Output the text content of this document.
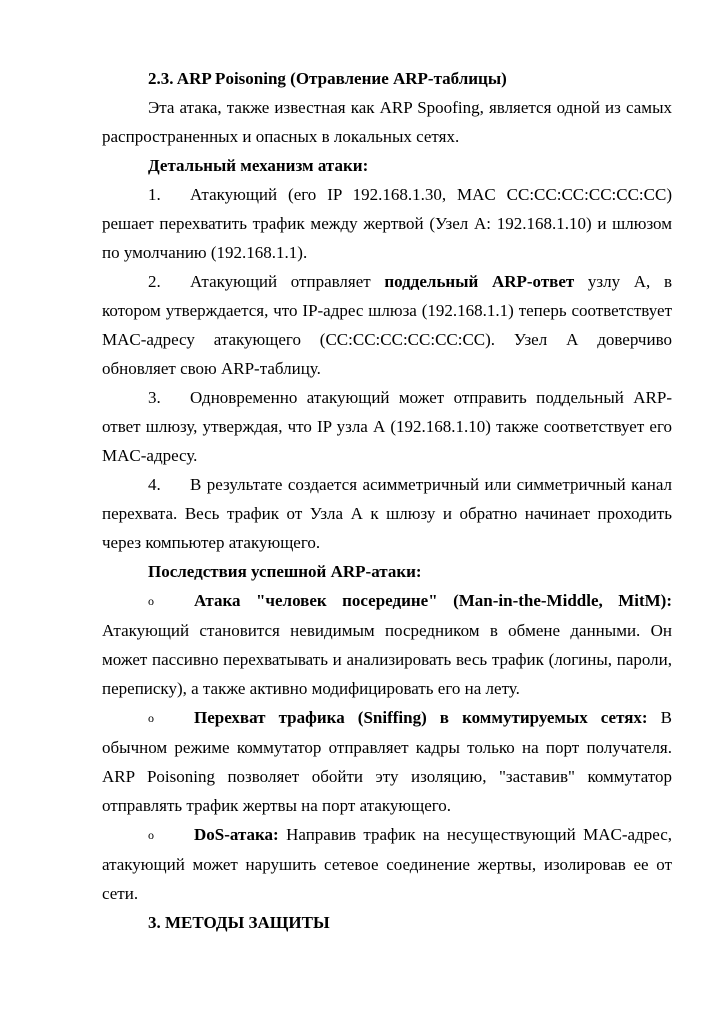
2.3. ARP Poisoning (Отравление ARP-таблицы)

Эта атака, также известная как ARP Spoofing, является одной из самых распространенных и опасных в локальных сетях.

Детальный механизм атаки:

1. Атакующий (его IP 192.168.1.30, MAC CC:CC:CC:CC:CC:CC) решает перехватить трафик между жертвой (Узел А: 192.168.1.10) и шлюзом по умолчанию (192.168.1.1).

2. Атакующий отправляет поддельный ARP-ответ узлу А, в котором утверждается, что IP-адрес шлюза (192.168.1.1) теперь соответствует MAC-адресу атакующего (CC:CC:CC:CC:CC:CC). Узел А доверчиво обновляет свою ARP-таблицу.

3. Одновременно атакующий может отправить поддельный ARP-ответ шлюзу, утверждая, что IP узла А (192.168.1.10) также соответствует его MAC-адресу.

4. В результате создается асимметричный или симметричный канал перехвата. Весь трафик от Узла А к шлюзу и обратно начинает проходить через компьютер атакующего.

Последствия успешной ARP-атаки:

o Атака "человек посередине" (Man-in-the-Middle, MitM): Атакующий становится невидимым посредником в обмене данными. Он может пассивно перехватывать и анализировать весь трафик (логины, пароли, переписку), а также активно модифицировать его на лету.

o Перехват трафика (Sniffing) в коммутируемых сетях: В обычном режиме коммутатор отправляет кадры только на порт получателя. ARP Poisoning позволяет обойти эту изоляцию, "заставив" коммутатор отправлять трафик жертвы на порт атакующего.

o DoS-атака: Направив трафик на несуществующий MAC-адрес, атакующий может нарушить сетевое соединение жертвы, изолировав ее от сети.

3. МЕТОДЫ ЗАЩИТЫ
